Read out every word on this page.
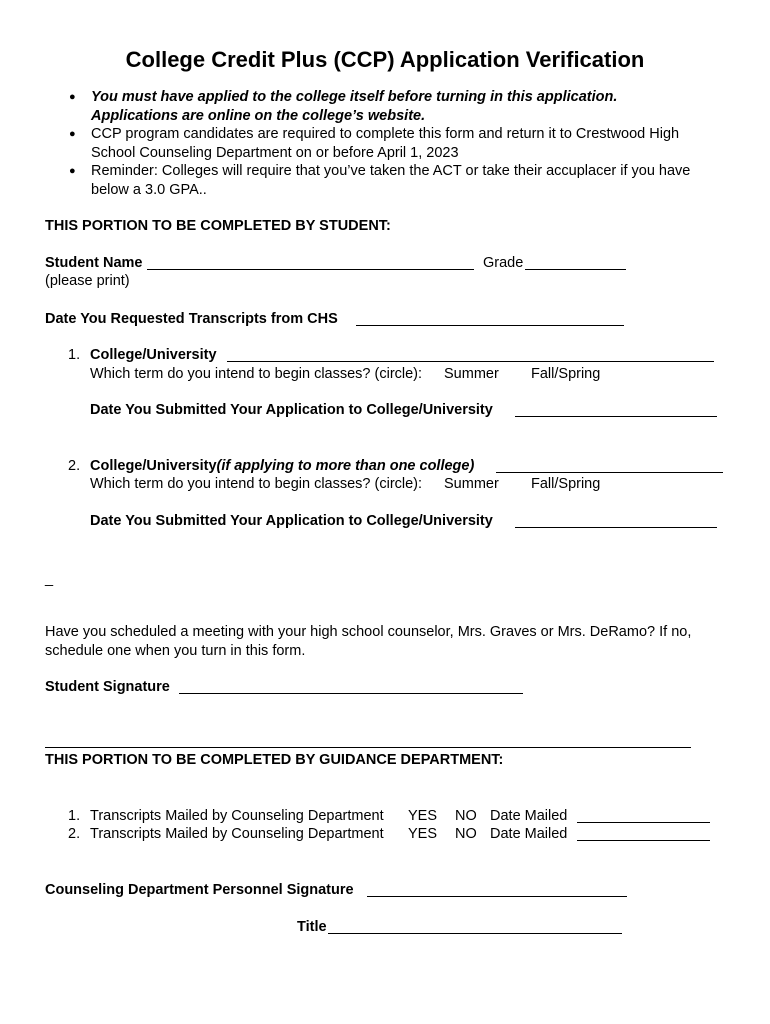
College Credit Plus (CCP) Application Verification
● You must have applied to the college itself before turning in this application.
Applications are online on the college’s website.
● CCP program candidates are required to complete this form and return it to Crestwood High
School Counseling Department on or before April 1, 2023
● Reminder: Colleges will require that you’ve taken the ACT or take their accuplacer if you have
below a 3.0 GPA..
THIS PORTION TO BE COMPLETED BY STUDENT:
Student Name	Grade
(please print)
Date You Requested Transcripts from CHS
1. College/University
Which term do you intend to begin classes? (circle): Summer Fall/Spring
Date You Submitted Your Application to College/University
2. College/University(if applying to more than one college)
Which term do you intend to begin classes? (circle): Summer Fall/Spring
Date You Submitted Your Application to College/University
_
Have you scheduled a meeting with your high school counselor, Mrs. Graves or Mrs. DeRamo? If no,
schedule one when you turn in this form.
Student Signature
THIS PORTION TO BE COMPLETED BY GUIDANCE DEPARTMENT:
1. Transcripts Mailed by Counseling Department YES NO Date Mailed
2. Transcripts Mailed by Counseling Department YES NO Date Mailed
Counseling Department Personnel Signature
Title
